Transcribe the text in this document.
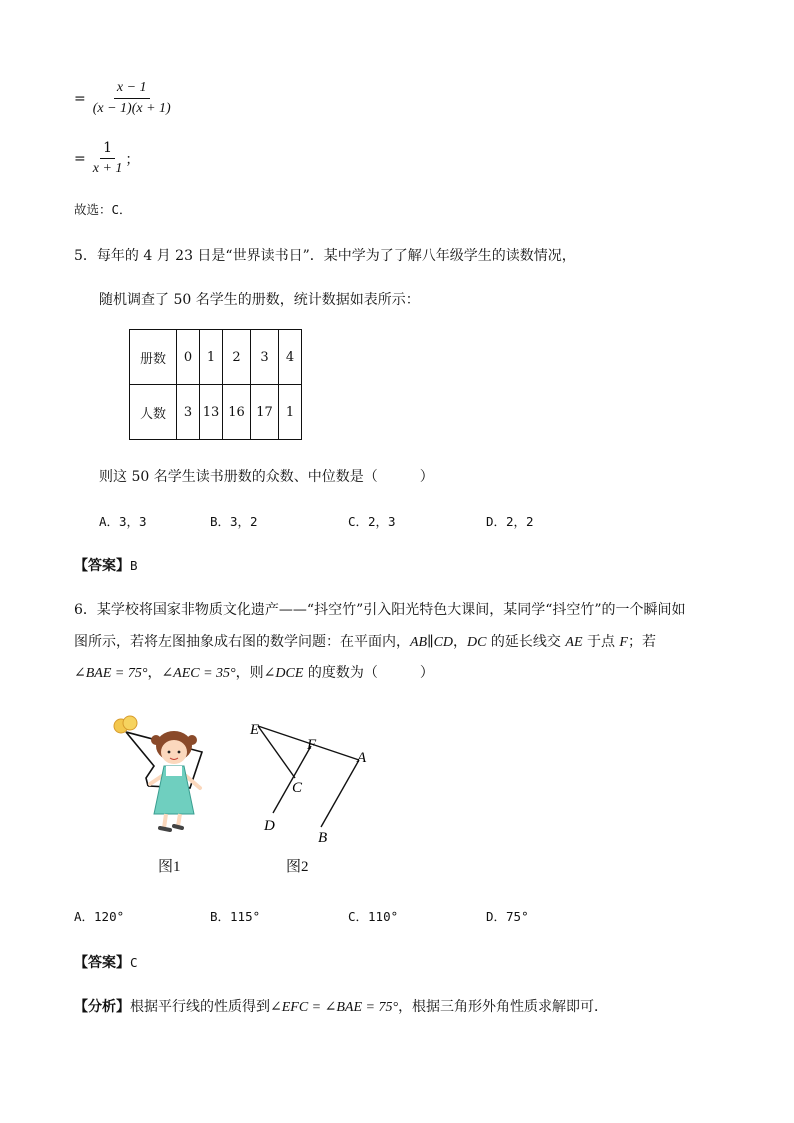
= $\frac{x - 1}{(x - 1)(x + 1)}$
= $\frac{1}{x + 1}$ ；
故选：C．
5．每年的 4 月 23 日是“世界读书日”．某中学为了了解八年级学生的读数情况，
随机调查了 50 名学生的册数，统计数据如表所示：
册数	0	1	2	3	4
人数	3	13	16	17	1
则这 50 名学生读书册数的众数、中位数是（　　　）
A．3，3	B．3，2	C．2，3	D．2，2
【答案】B
6．某学校将国家非物质文化遗产——“抖空竹”引入阳光特色大课间，某同学“抖空竹”的一个瞬间如
图所示，若将左图抽象成右图的数学问题：在平面内，AB∥CD，DC 的延长线交 AE 于点 F；若
∠BAE = 75°，∠AEC = 35°，则∠DCE 的度数为（　　　）
E
F
A
C
D
B
图1	图2
A．120°	B．115°	C．110°	D．75°
【答案】C
【分析】根据平行线的性质得到∠EFC = ∠BAE = 75°，根据三角形外角性质求解即可．
